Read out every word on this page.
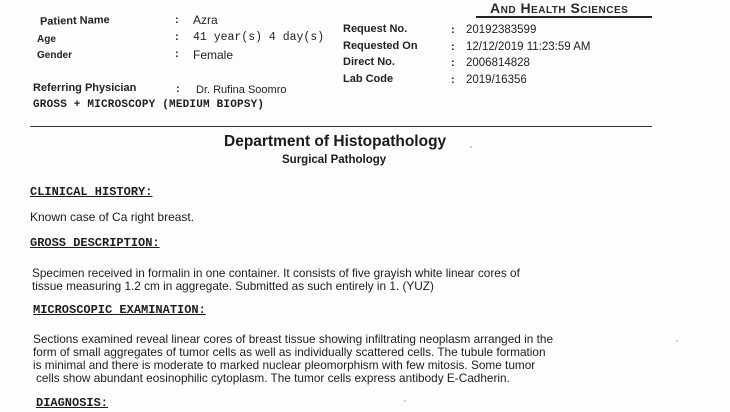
And Health Sciences
Patient Name	: Azra
Age	: 41 year(s) 4 day(s)
Gender	: Female
Request No.	: 20192383599
Requested On	: 12/12/2019 11:23:59 AM
Direct No.	: 2006814828
Lab Code	: 2019/16356
Referring Physician	: Dr. Rufina Soomro
GROSS + MICROSCOPY (MEDIUM BIOPSY)
Department of Histopathology
Surgical Pathology
CLINICAL HISTORY:
Known case of Ca right breast.
GROSS DESCRIPTION:
Specimen received in formalin in one container. It consists of five grayish white linear cores of
tissue measuring 1.2 cm in aggregate. Submitted as such entirely in 1. (YUZ)
MICROSCOPIC EXAMINATION:
Sections examined reveal linear cores of breast tissue showing infiltrating neoplasm arranged in the
form of small aggregates of tumor cells as well as individually scattered cells. The tubule formation
is minimal and there is moderate to marked nuclear pleomorphism with few mitosis. Some tumor
cells show abundant eosinophilic cytoplasm. The tumor cells express antibody E-Cadherin.
DIAGNOSIS:
